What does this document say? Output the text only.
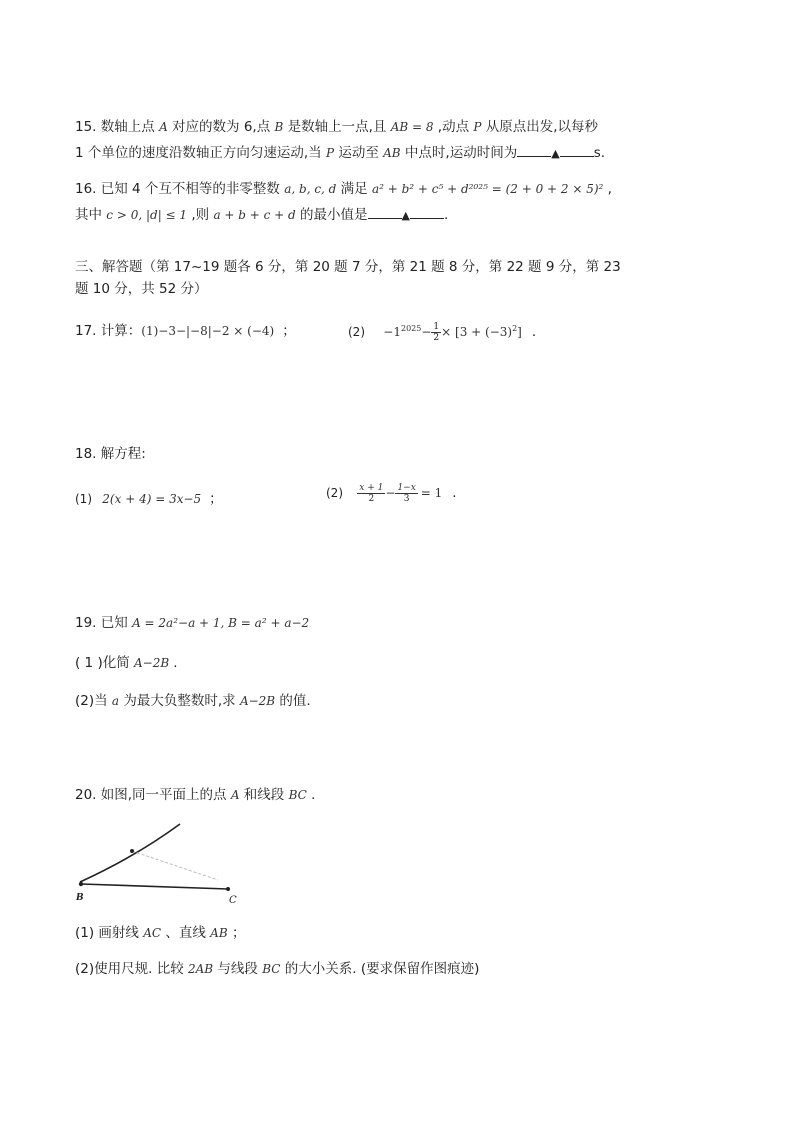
15. 数轴上点 A 对应的数为 6,点 B 是数轴上一点,且 AB = 8 ,动点 P 从原点出发,以每秒
1 个单位的速度沿数轴正方向匀速运动,当 P 运动至 AB 中点时,运动时间为	▲	s.
16. 已知 4 个互不相等的非零整数 a, b, c, d 满足 a² + b² + c⁵ + d²⁰²⁵ = (2 + 0 + 2 × 5)² ,
其中 c > 0, |d| ≤ 1 ,则 a + b + c + d 的最小值是	▲	.
三、解答题（第 17~19 题各 6 分，第 20 题 7 分，第 21 题 8 分，第 22 题 9 分，第 23
题 10 分，共 52 分）
17. 计算：(1)−3−|−8|−2 × (−4) ；	$(2) -1^{2025}- \frac{1}{2} \times [3 + (-3)^2]$ .
18. 解方程:
(1) 2(x + 4) = 3x−5 ；	$(2) \frac{x + 1}{2} - \frac{1-x}{3} = 1$ .
19. 已知 A = 2a²−a + 1, B = a² + a−2
( 1 )化简 A−2B .
(2)当 a 为最大负整数时,求 A−2B 的值.
20. 如图,同一平面上的点 A 和线段 BC .
B	C
(1) 画射线 AC 、直线 AB ；
(2)使用尺规. 比较 2AB 与线段 BC 的大小关系. (要求保留作图痕迹)
